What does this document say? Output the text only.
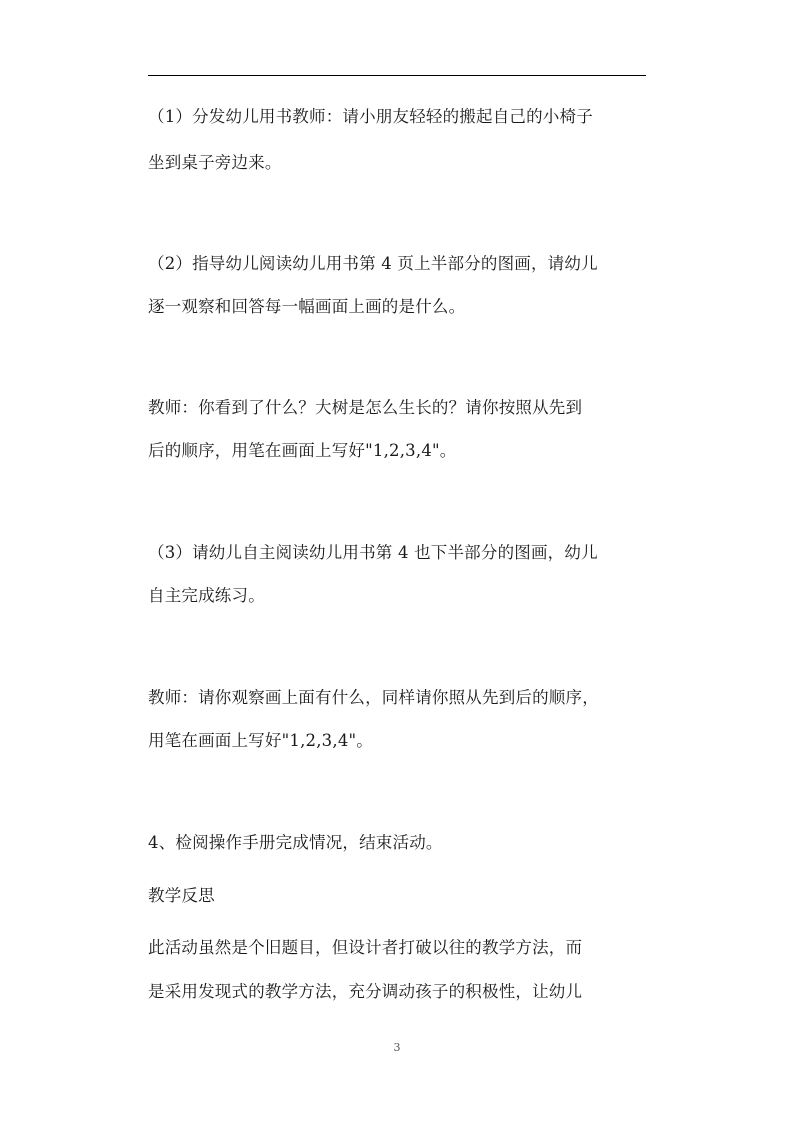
（1）分发幼儿用书教师：请小朋友轻轻的搬起自己的小椅子
坐到桌子旁边来。
（2）指导幼儿阅读幼儿用书第 4 页上半部分的图画，请幼儿
逐一观察和回答每一幅画面上画的是什么。
教师：你看到了什么？大树是怎么生长的？请你按照从先到
后的顺序，用笔在画面上写好"1,2,3,4"。
（3）请幼儿自主阅读幼儿用书第 4 也下半部分的图画，幼儿
自主完成练习。
教师：请你观察画上面有什么，同样请你照从先到后的顺序，
用笔在画面上写好"1,2,3,4"。
4、检阅操作手册完成情况，结束活动。
教学反思
此活动虽然是个旧题目，但设计者打破以往的教学方法，而
是采用发现式的教学方法，充分调动孩子的积极性，让幼儿
3
